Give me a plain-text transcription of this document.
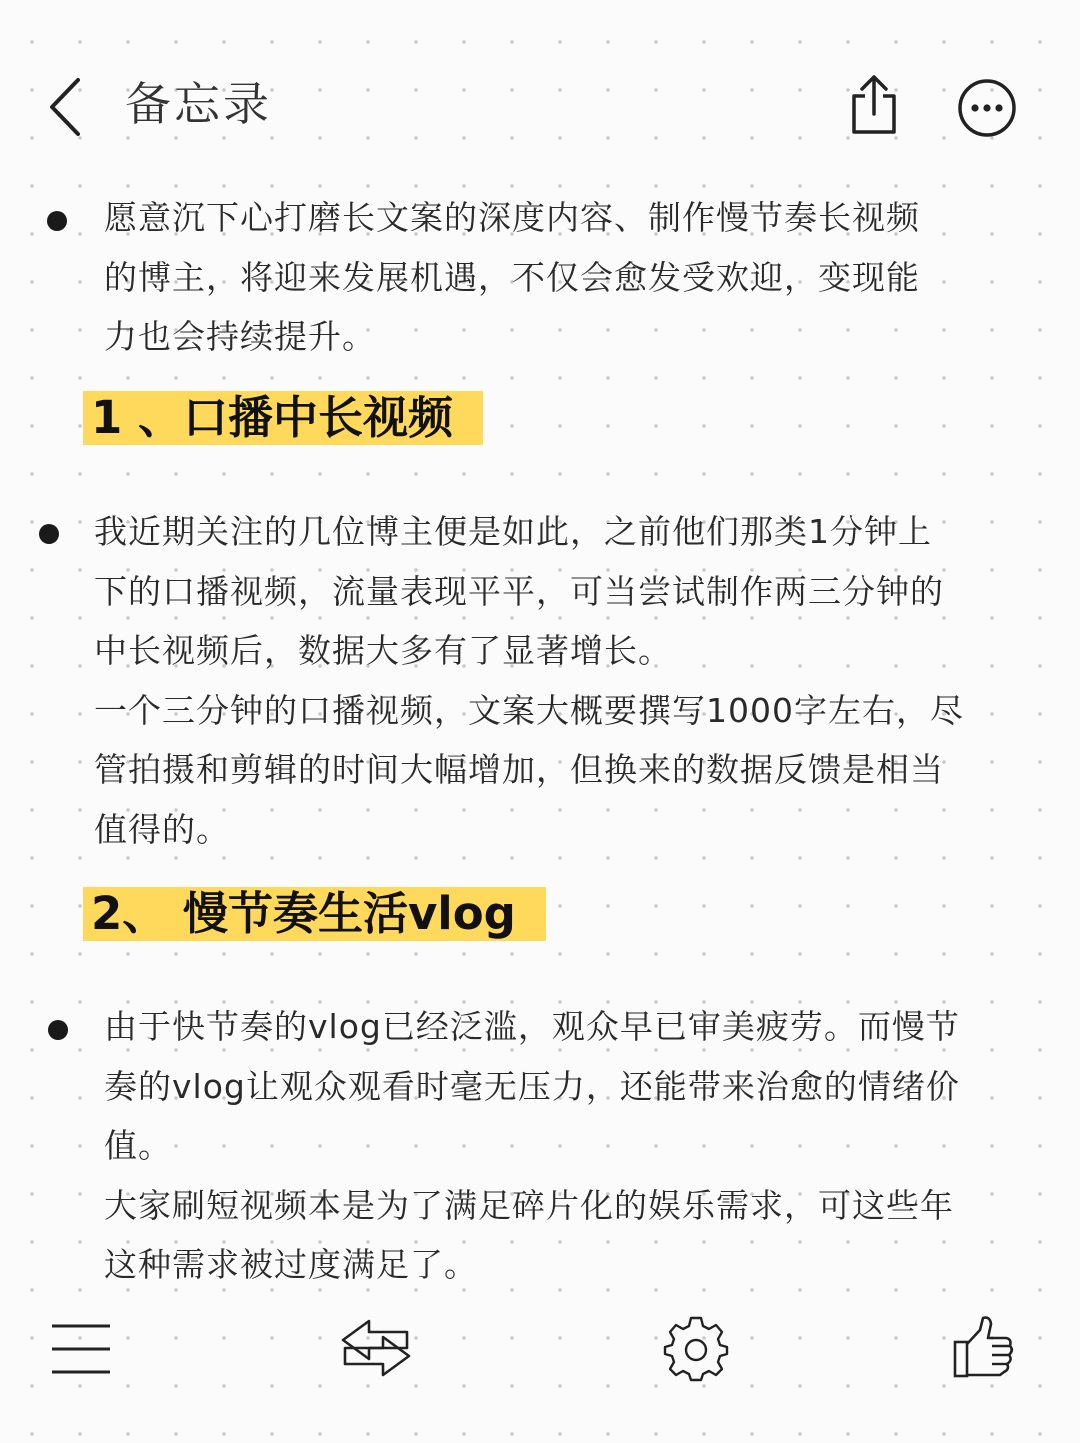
备忘录
愿意沉下心打磨长文案的深度内容、制作慢节奏长视频
的博主，将迎来发展机遇，不仅会愈发受欢迎，变现能
力也会持续提升。
1 、口播中长视频
我近期关注的几位博主便是如此，之前他们那类1分钟上
下的口播视频，流量表现平平，可当尝试制作两三分钟的
中长视频后，数据大多有了显著增长。
一个三分钟的口播视频，文案大概要撰写1000字左右，尽
管拍摄和剪辑的时间大幅增加，但换来的数据反馈是相当
值得的。
2、 慢节奏生活vlog
由于快节奏的vlog已经泛滥，观众早已审美疲劳。而慢节
奏的vlog让观众观看时毫无压力，还能带来治愈的情绪价
值。
大家刷短视频本是为了满足碎片化的娱乐需求，可这些年
这种需求被过度满足了。
